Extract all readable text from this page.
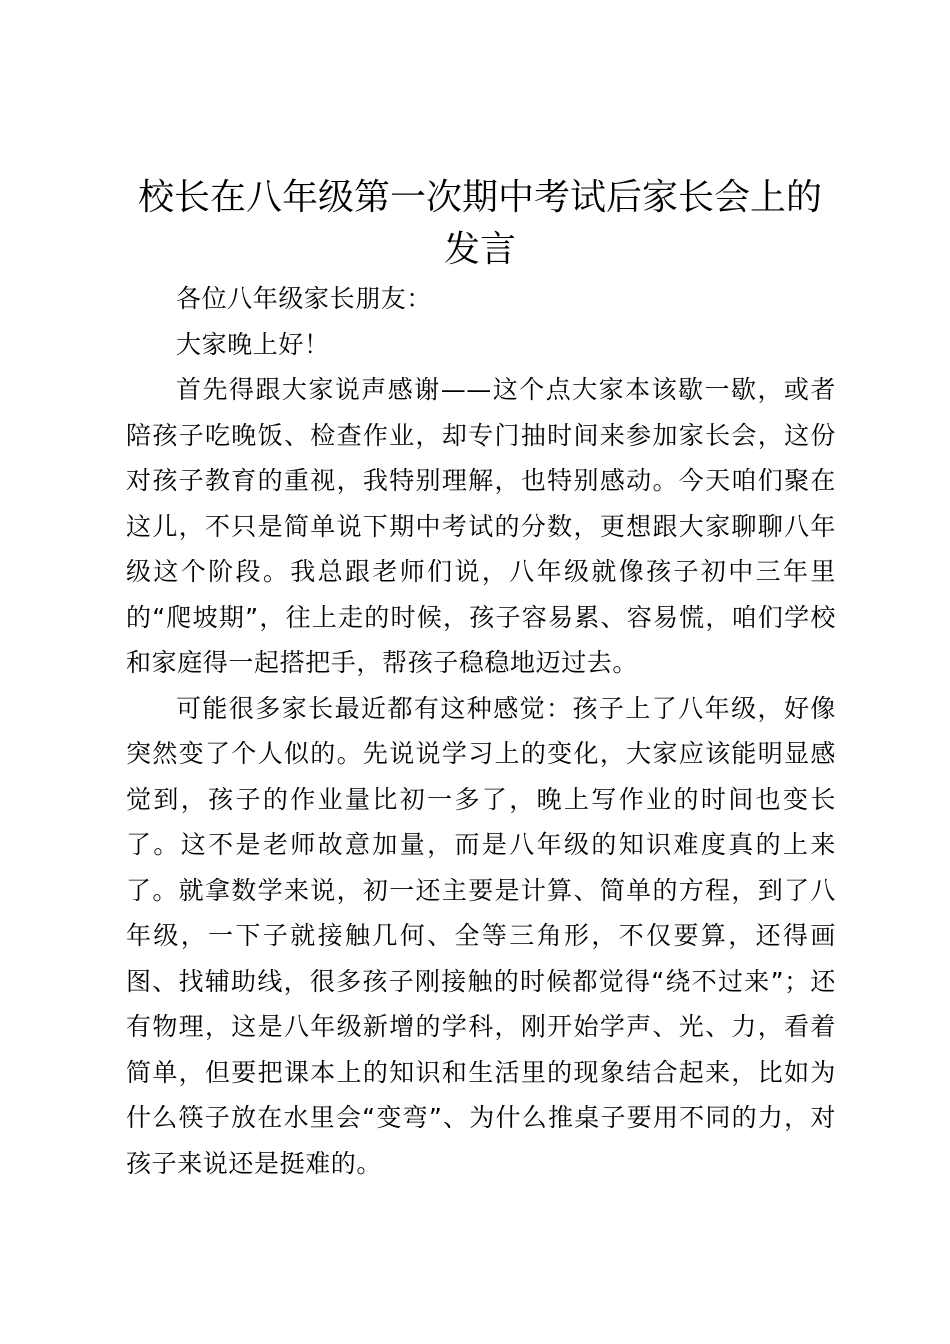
校长在八年级第一次期中考试后家长会上的发言

各位八年级家长朋友：

大家晚上好！

首先得跟大家说声感谢——这个点大家本该歇一歇，或者陪孩子吃晚饭、检查作业，却专门抽时间来参加家长会，这份对孩子教育的重视，我特别理解，也特别感动。今天咱们聚在这儿，不只是简单说下期中考试的分数，更想跟大家聊聊八年级这个阶段。我总跟老师们说，八年级就像孩子初中三年里的“爬坡期”，往上走的时候，孩子容易累、容易慌，咱们学校和家庭得一起搭把手，帮孩子稳稳地迈过去。

可能很多家长最近都有这种感觉：孩子上了八年级，好像突然变了个人似的。先说说学习上的变化，大家应该能明显感觉到，孩子的作业量比初一多了，晚上写作业的时间也变长了。这不是老师故意加量，而是八年级的知识难度真的上来了。就拿数学来说，初一还主要是计算、简单的方程，到了八年级，一下子就接触几何、全等三角形，不仅要算，还得画图、找辅助线，很多孩子刚接触的时候都觉得“绕不过来”；还有物理，这是八年级新增的学科，刚开始学声、光、力，看着简单，但要把课本上的知识和生活里的现象结合起来，比如为什么筷子放在水里会“变弯”、为什么推桌子要用不同的力，对孩子来说还是挺难的。
